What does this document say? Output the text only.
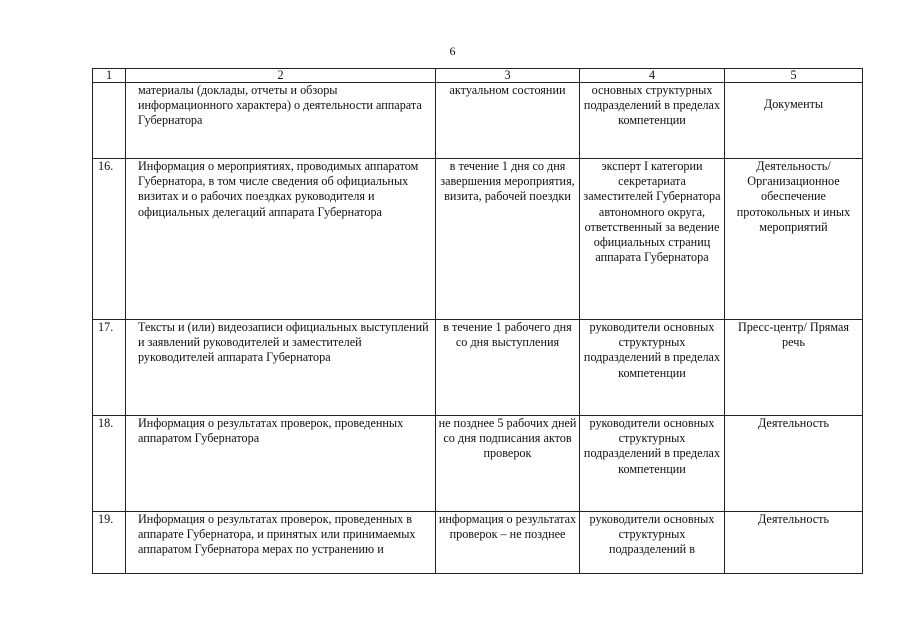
6
1	2	3	4	5
	материалы (доклады, отчеты и обзоры информационного характера) о деятельности аппарата Губернатора	актуальном состоянии	основных структурных подразделений в пределах компетенции	Документы
16.	Информация о мероприятиях, проводимых аппаратом Губернатора, в том числе сведения об официальных визитах и о рабочих поездках руководителя и официальных делегаций аппарата Губернатора	в течение 1 дня со дня завершения мероприятия, визита, рабочей поездки	эксперт I категории секретариата заместителей Губернатора автономного округа, ответственный за ведение официальных страниц аппарата Губернатора	Деятельность/ Организационное обеспечение протокольных и иных мероприятий
17.	Тексты и (или) видеозаписи официальных выступлений и заявлений руководителей и заместителей руководителей аппарата Губернатора	в течение 1 рабочего дня со дня выступления	руководители основных структурных подразделений в пределах компетенции	Пресс-центр/ Прямая речь
18.	Информация о результатах проверок, проведенных аппаратом Губернатора	не позднее 5 рабочих дней со дня подписания актов проверок	руководители основных структурных подразделений в пределах компетенции	Деятельность
19.	Информация о результатах проверок, проведенных в аппарате Губернатора, и принятых или принимаемых аппаратом Губернатора мерах по устранению и	информация о результатах проверок – не позднее	руководители основных структурных подразделений в	Деятельность
